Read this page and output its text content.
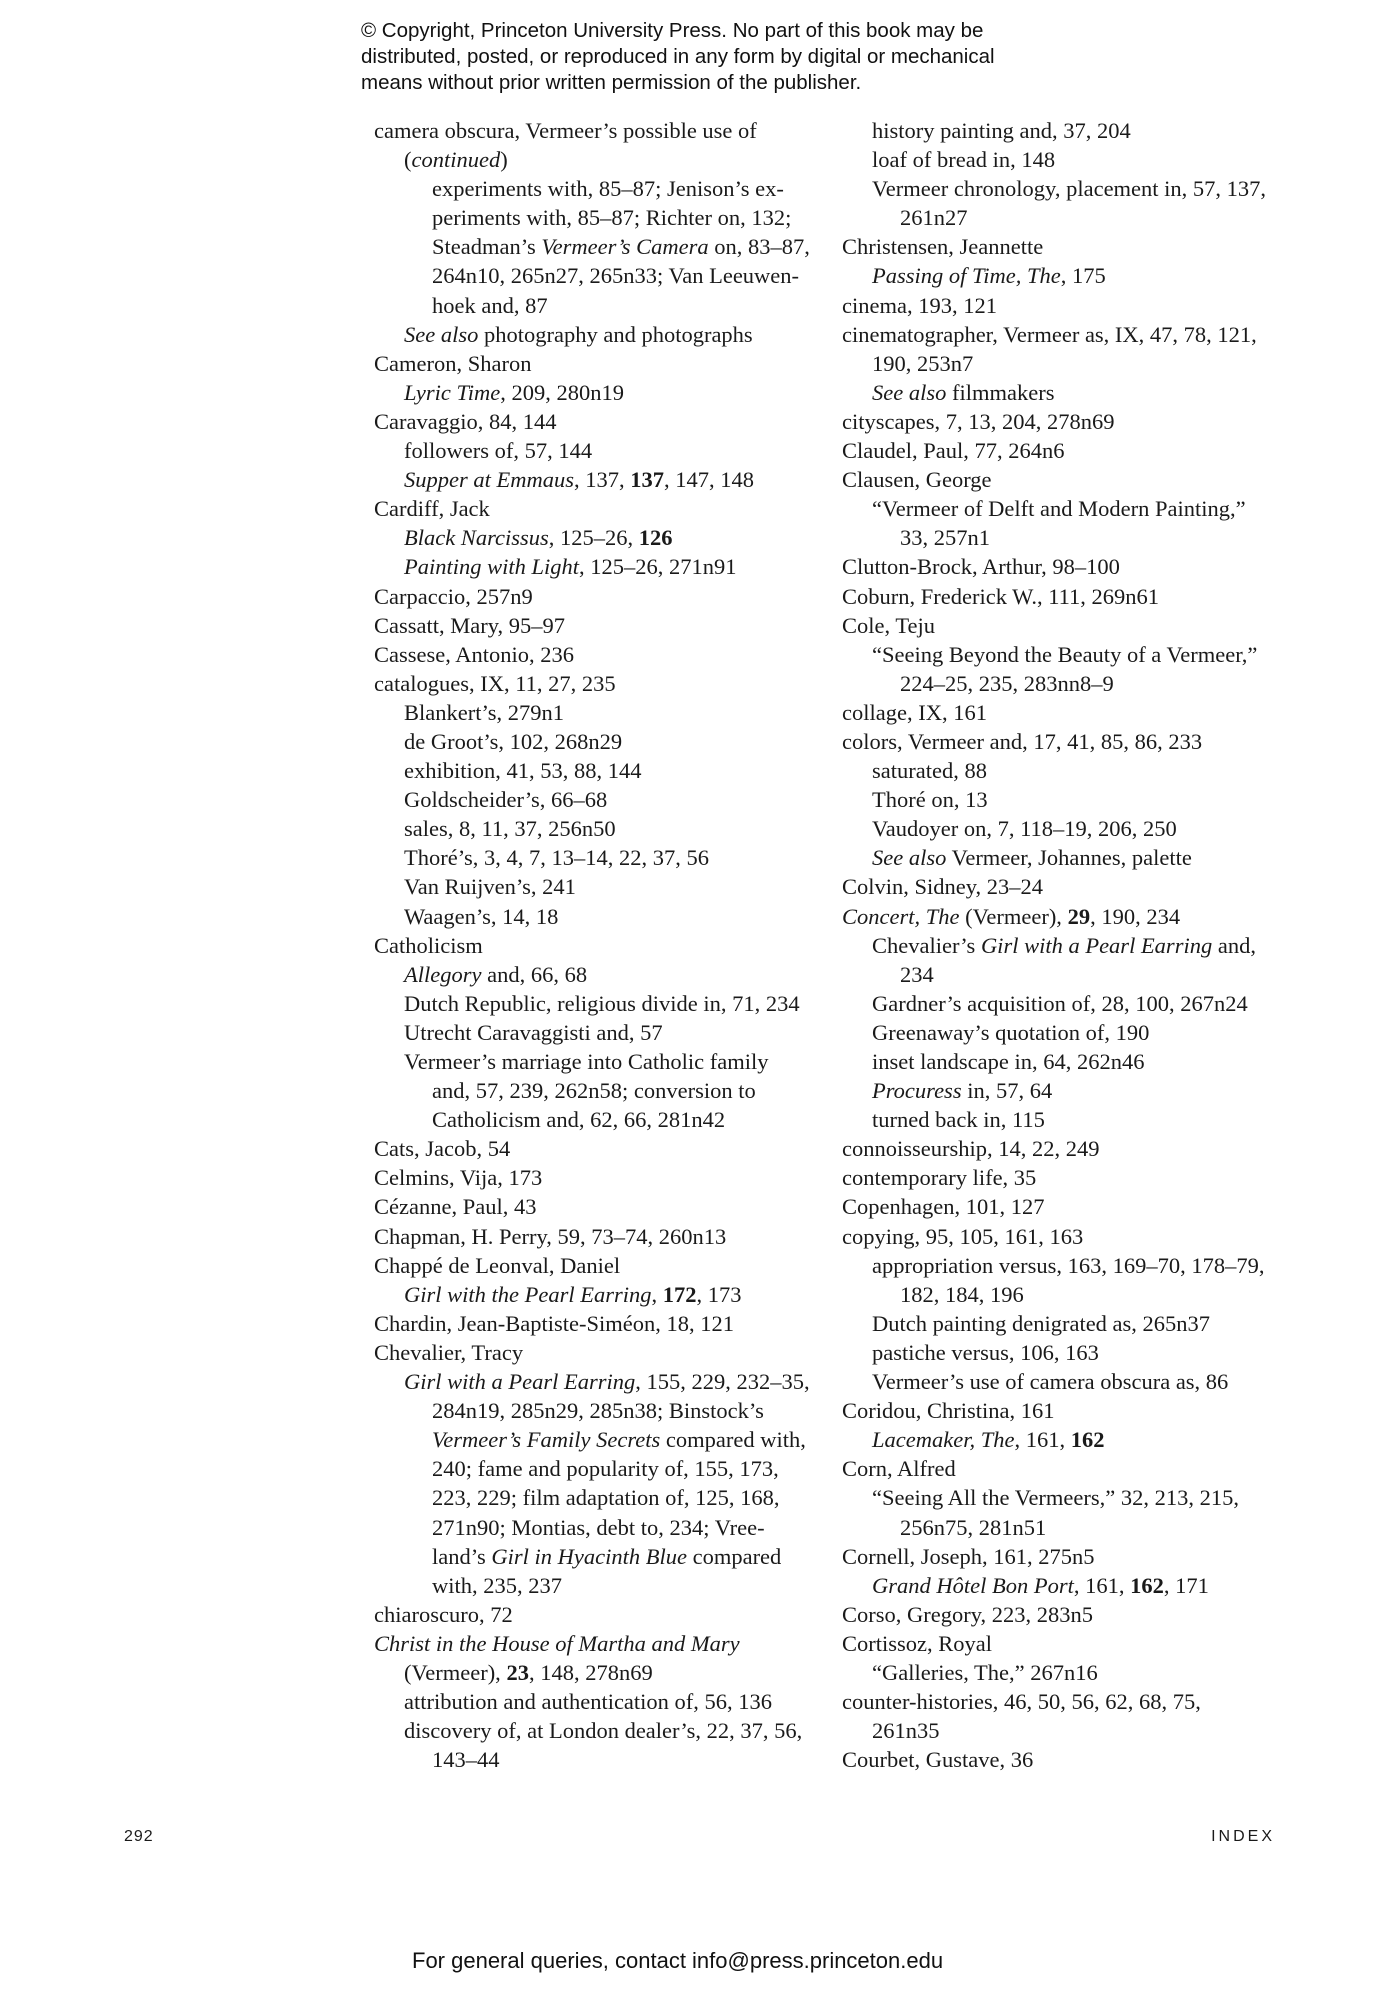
© Copyright, Princeton University Press. No part of this book may be
distributed, posted, or reproduced in any form by digital or mechanical
means without prior written permission of the publisher.
camera obscura, Vermeer’s possible use of
(continued)
experiments with, 85–87; Jenison’s ex-
periments with, 85–87; Richter on, 132;
Steadman’s Vermeer’s Camera on, 83–87,
264n10, 265n27, 265n33; Van Leeuwen-
hoek and, 87
See also photography and photographs
Cameron, Sharon
Lyric Time, 209, 280n19
Caravaggio, 84, 144
followers of, 57, 144
Supper at Emmaus, 137, 137, 147, 148
Cardiff, Jack
Black Narcissus, 125–26, 126
Painting with Light, 125–26, 271n91
Carpaccio, 257n9
Cassatt, Mary, 95–97
Cassese, Antonio, 236
catalogues, IX, 11, 27, 235
Blankert’s, 279n1
de Groot’s, 102, 268n29
exhibition, 41, 53, 88, 144
Goldscheider’s, 66–68
sales, 8, 11, 37, 256n50
Thoré’s, 3, 4, 7, 13–14, 22, 37, 56
Van Ruijven’s, 241
Waagen’s, 14, 18
Catholicism
Allegory and, 66, 68
Dutch Republic, religious divide in, 71, 234
Utrecht Caravaggisti and, 57
Vermeer’s marriage into Catholic family
and, 57, 239, 262n58; conversion to
Catholicism and, 62, 66, 281n42
Cats, Jacob, 54
Celmins, Vija, 173
Cézanne, Paul, 43
Chapman, H. Perry, 59, 73–74, 260n13
Chappé de Leonval, Daniel
Girl with the Pearl Earring, 172, 173
Chardin, Jean-Baptiste-Siméon, 18, 121
Chevalier, Tracy
Girl with a Pearl Earring, 155, 229, 232–35,
284n19, 285n29, 285n38; Binstock’s
Vermeer’s Family Secrets compared with,
240; fame and popularity of, 155, 173,
223, 229; film adaptation of, 125, 168,
271n90; Montias, debt to, 234; Vree-
land’s Girl in Hyacinth Blue compared
with, 235, 237
chiaroscuro, 72
Christ in the House of Martha and Mary
(Vermeer), 23, 148, 278n69
attribution and authentication of, 56, 136
discovery of, at London dealer’s, 22, 37, 56,
143–44
history painting and, 37, 204
loaf of bread in, 148
Vermeer chronology, placement in, 57, 137,
261n27
Christensen, Jeannette
Passing of Time, The, 175
cinema, 193, 121
cinematographer, Vermeer as, IX, 47, 78, 121,
190, 253n7
See also filmmakers
cityscapes, 7, 13, 204, 278n69
Claudel, Paul, 77, 264n6
Clausen, George
“Vermeer of Delft and Modern Painting,”
33, 257n1
Clutton-Brock, Arthur, 98–100
Coburn, Frederick W., 111, 269n61
Cole, Teju
“Seeing Beyond the Beauty of a Vermeer,”
224–25, 235, 283nn8–9
collage, IX, 161
colors, Vermeer and, 17, 41, 85, 86, 233
saturated, 88
Thoré on, 13
Vaudoyer on, 7, 118–19, 206, 250
See also Vermeer, Johannes, palette
Colvin, Sidney, 23–24
Concert, The (Vermeer), 29, 190, 234
Chevalier’s Girl with a Pearl Earring and,
234
Gardner’s acquisition of, 28, 100, 267n24
Greenaway’s quotation of, 190
inset landscape in, 64, 262n46
Procuress in, 57, 64
turned back in, 115
connoisseurship, 14, 22, 249
contemporary life, 35
Copenhagen, 101, 127
copying, 95, 105, 161, 163
appropriation versus, 163, 169–70, 178–79,
182, 184, 196
Dutch painting denigrated as, 265n37
pastiche versus, 106, 163
Vermeer’s use of camera obscura as, 86
Coridou, Christina, 161
Lacemaker, The, 161, 162
Corn, Alfred
“Seeing All the Vermeers,” 32, 213, 215,
256n75, 281n51
Cornell, Joseph, 161, 275n5
Grand Hôtel Bon Port, 161, 162, 171
Corso, Gregory, 223, 283n5
Cortissoz, Royal
“Galleries, The,” 267n16
counter-histories, 46, 50, 56, 62, 68, 75,
261n35
Courbet, Gustave, 36
292	INDEX
For general queries, contact info@press.princeton.edu
